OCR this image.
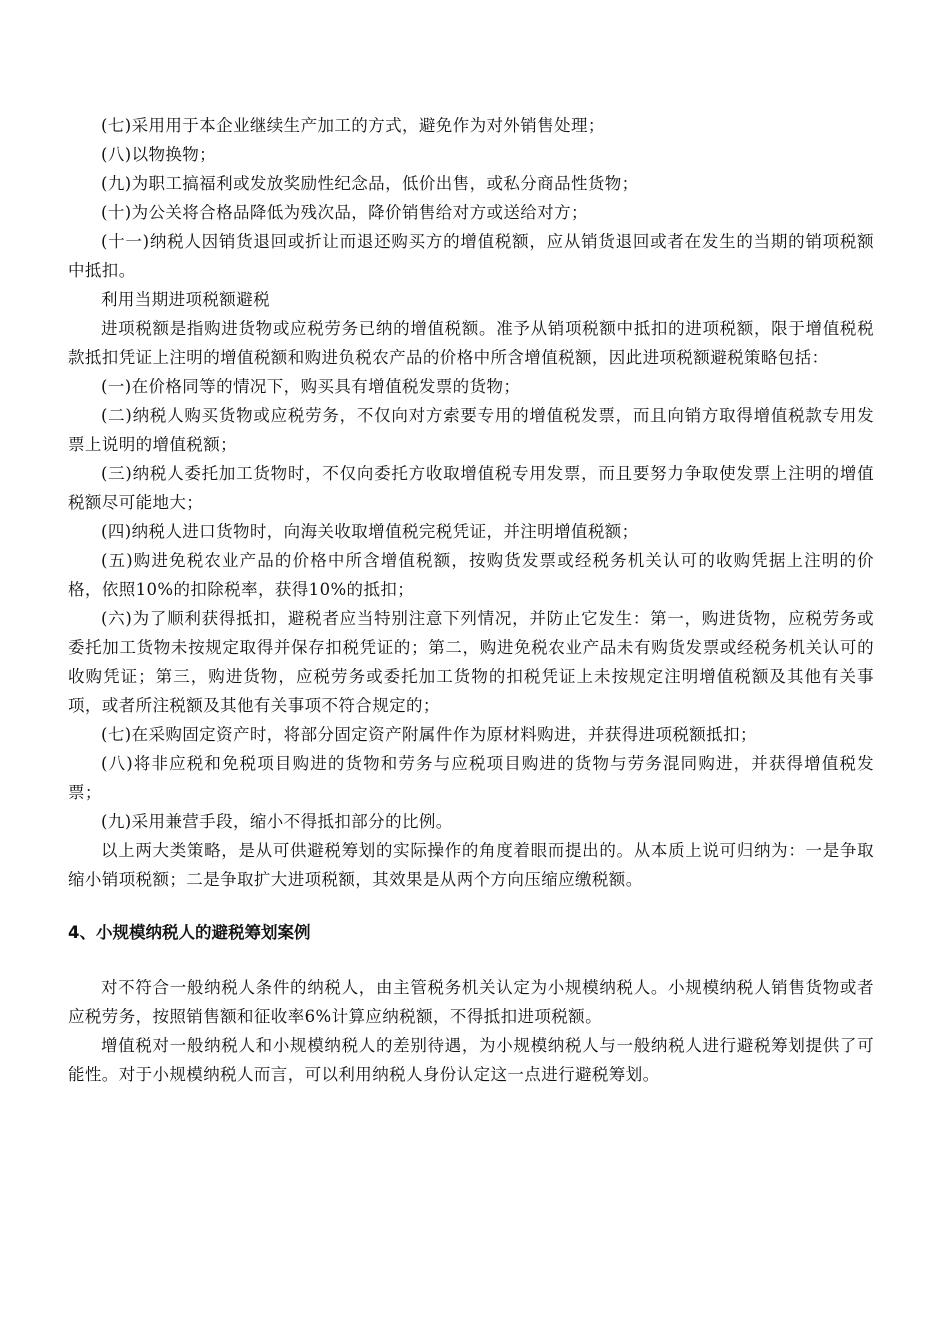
(七)采用用于本企业继续生产加工的方式，避免作为对外销售处理；

(八)以物换物；

(九)为职工搞福利或发放奖励性纪念品，低价出售，或私分商品性货物；

(十)为公关将合格品降低为残次品，降价销售给对方或送给对方；

(十一)纳税人因销货退回或折让而退还购买方的增值税额，应从销货退回或者在发生的当期的销项税额中抵扣。

利用当期进项税额避税

进项税额是指购进货物或应税劳务已纳的增值税额。准予从销项税额中抵扣的进项税额，限于增值税税款抵扣凭证上注明的增值税额和购进负税农产品的价格中所含增值税额，因此进项税额避税策略包括：

(一)在价格同等的情况下，购买具有增值税发票的货物；

(二)纳税人购买货物或应税劳务，不仅向对方索要专用的增值税发票，而且向销方取得增值税款专用发票上说明的增值税额；

(三)纳税人委托加工货物时，不仅向委托方收取增值税专用发票，而且要努力争取使发票上注明的增值税额尽可能地大；

(四)纳税人进口货物时，向海关收取增值税完税凭证，并注明增值税额；

(五)购进免税农业产品的价格中所含增值税额，按购货发票或经税务机关认可的收购凭据上注明的价格，依照10%的扣除税率，获得10%的抵扣；

(六)为了顺利获得抵扣，避税者应当特别注意下列情况，并防止它发生：第一，购进货物，应税劳务或委托加工货物未按规定取得并保存扣税凭证的；第二，购进免税农业产品未有购货发票或经税务机关认可的收购凭证；第三，购进货物，应税劳务或委托加工货物的扣税凭证上未按规定注明增值税额及其他有关事项，或者所注税额及其他有关事项不符合规定的；

(七)在采购固定资产时，将部分固定资产附属件作为原材料购进，并获得进项税额抵扣；

(八)将非应税和免税项目购进的货物和劳务与应税项目购进的货物与劳务混同购进，并获得增值税发票；

(九)采用兼营手段，缩小不得抵扣部分的比例。

以上两大类策略，是从可供避税筹划的实际操作的角度着眼而提出的。从本质上说可归纳为：一是争取缩小销项税额；二是争取扩大进项税额，其效果是从两个方向压缩应缴税额。

4、小规模纳税人的避税筹划案例

对不符合一般纳税人条件的纳税人，由主管税务机关认定为小规模纳税人。小规模纳税人销售货物或者应税劳务，按照销售额和征收率6%计算应纳税额，不得抵扣进项税额。

增值税对一般纳税人和小规模纳税人的差别待遇，为小规模纳税人与一般纳税人进行避税筹划提供了可能性。对于小规模纳税人而言，可以利用纳税人身份认定这一点进行避税筹划。
